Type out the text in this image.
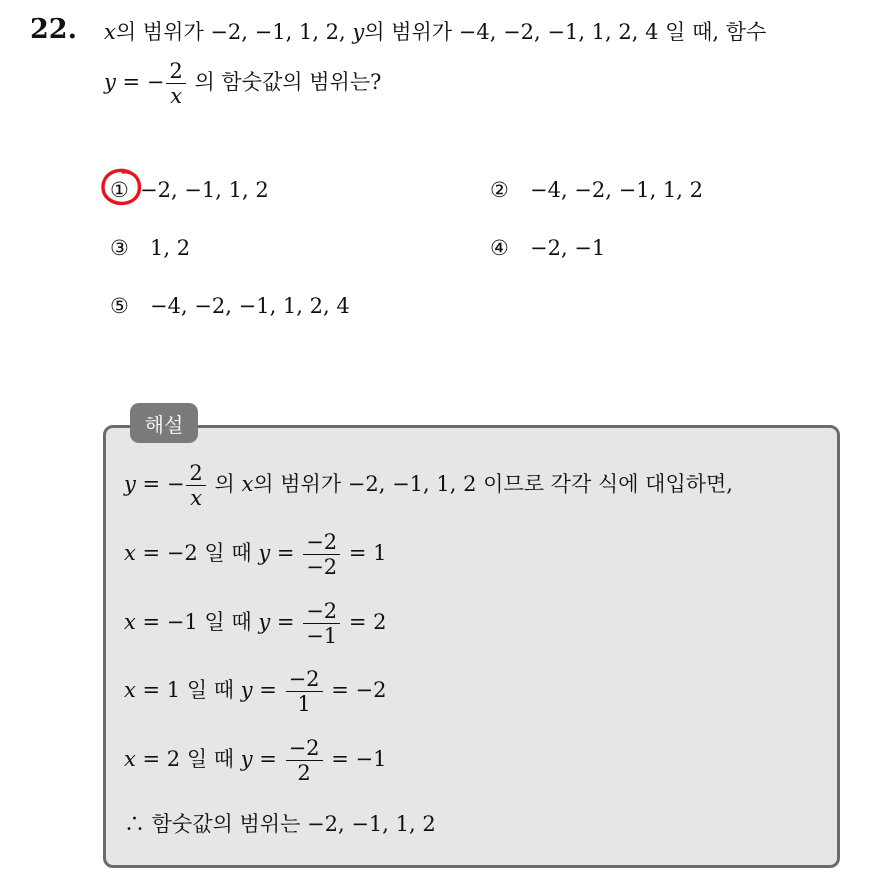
22. x의 범위가 −2, −1, 1, 2, y의 범위가 −4, −2, −1, 1, 2, 4 일 때, 함수
y = − $\frac{2}{x}$ 의 함숫값의 범위는?
① −2, −1, 1, 2	② −4, −2, −1, 1, 2
③ 1, 2	④ −2, −1
⑤ −4, −2, −1, 1, 2, 4
해설
y = − $\frac{2}{x}$ 의 x의 범위가 −2, −1, 1, 2 이므로 각각 식에 대입하면,
x = −2 일 때 $y = \frac{-2}{-2} = 1$
x = −1 일 때 $y = \frac{-2}{-1} = 2$
x = 1 일 때 $y = \frac{-2}{1} = -2$
x = 2 일 때 $y = \frac{-2}{2} = -1$
∴ 함숫값의 범위는 −2, −1, 1, 2
